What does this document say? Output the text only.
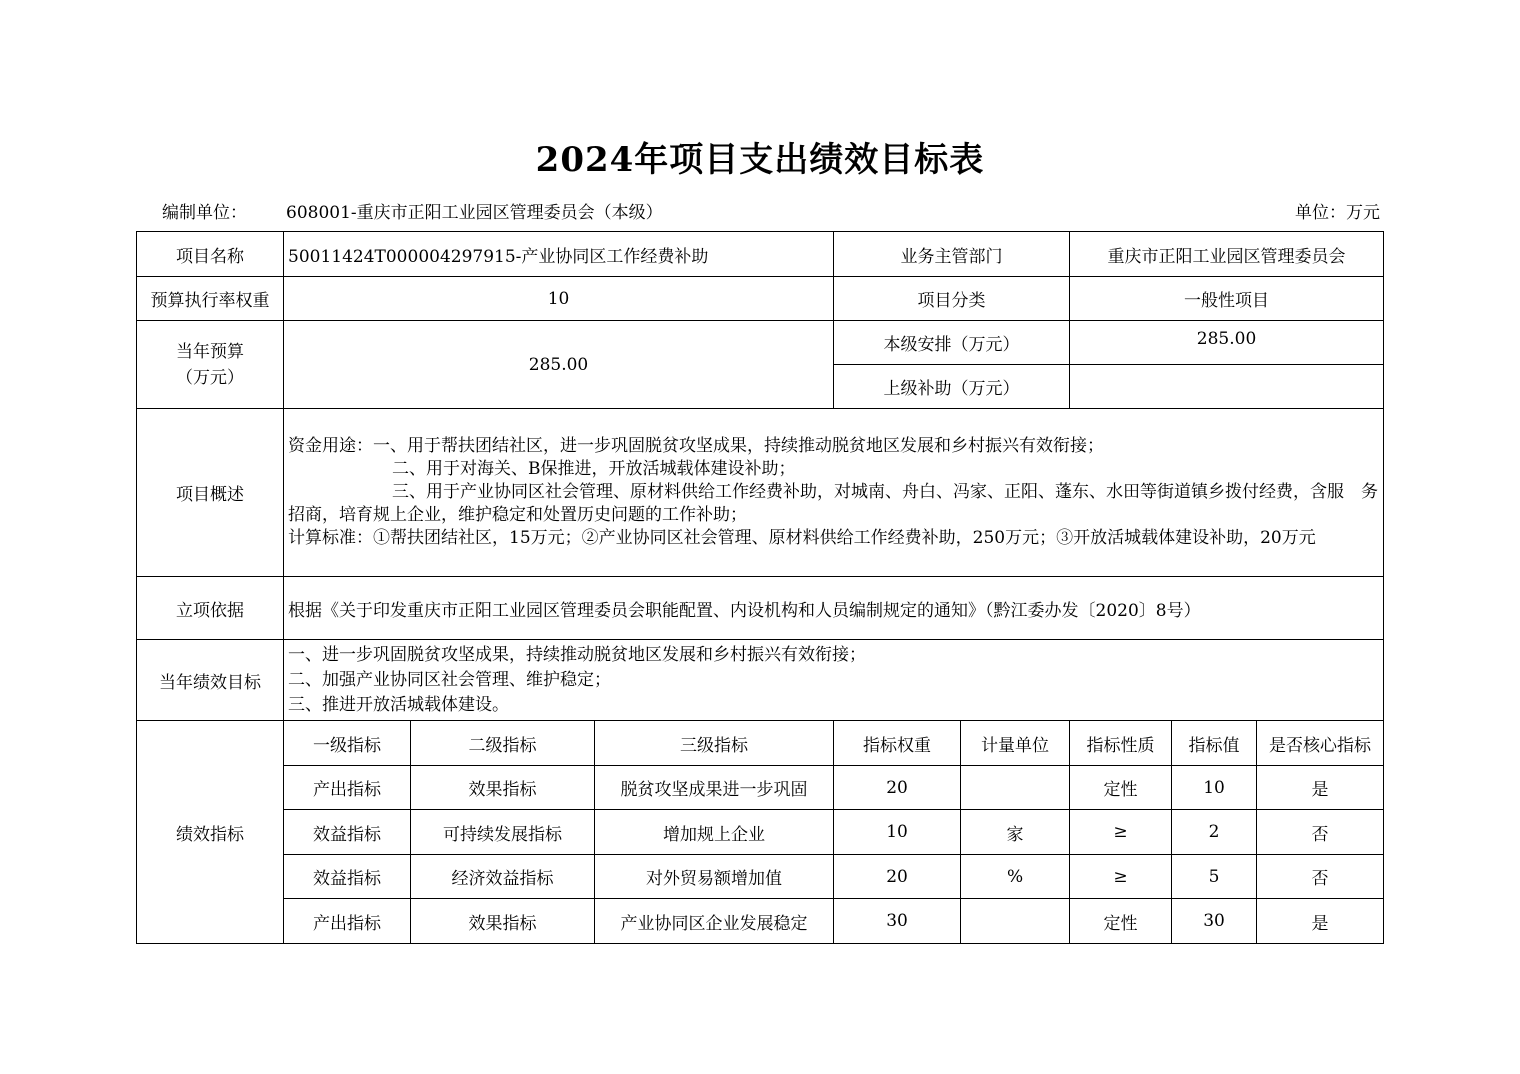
2024年项目支出绩效目标表
编制单位： 608001-重庆市正阳工业园区管理委员会（本级）	单位：万元
项目名称	50011424T000004297915-产业协同区工作经费补助			业务主管部门		重庆市正阳工业园区管理委员会		
预算执行率权重	10			项目分类		一般性项目		
当年预算（万元）	285.00			本级安排（万元）		285.00		
				上级补助（万元）				
项目概述	资金用途：一、用于帮扶团结社区，进一步巩固脱贫攻坚成果，持续推动脱贫地区发展和乡村振兴有效衔接；

二、用于对海关、B保推进，开放活城载体建设补助；

三、用于产业协同区社会管理、原材料供给工作经费补助，对城南、舟白、冯家、正阳、蓬东、水田等街道镇乡拨付经费，含服　务招商，培育规上企业，维护稳定和处置历史问题的工作补助；

计算标准：①帮扶团结社区，15万元；②产业协同区社会管理、原材料供给工作经费补助，250万元；③开放活城载体建设补助，20万元							

立项依据	根据《关于印发重庆市正阳工业园区管理委员会职能配置、内设机构和人员编制规定的通知》（黔江委办发〔2020〕8号）							
当年绩效目标	一、进一步巩固脱贫攻坚成果，持续推动脱贫地区发展和乡村振兴有效衔接；

二、加强产业协同区社会管理、维护稳定；

三、推进开放活城载体建设。							

绩效指标	一级指标	二级指标	三级指标	指标权重	计量单位	指标性质	指标值	是否核心指标
	产出指标	效果指标	脱贫攻坚成果进一步巩固	20		定性	10	是
	效益指标	可持续发展指标	增加规上企业	10	家	≥	2	否
	效益指标	经济效益指标	对外贸易额增加值	20	%	≥	5	否
	产出指标	效果指标	产业协同区企业发展稳定	30		定性	30	是
